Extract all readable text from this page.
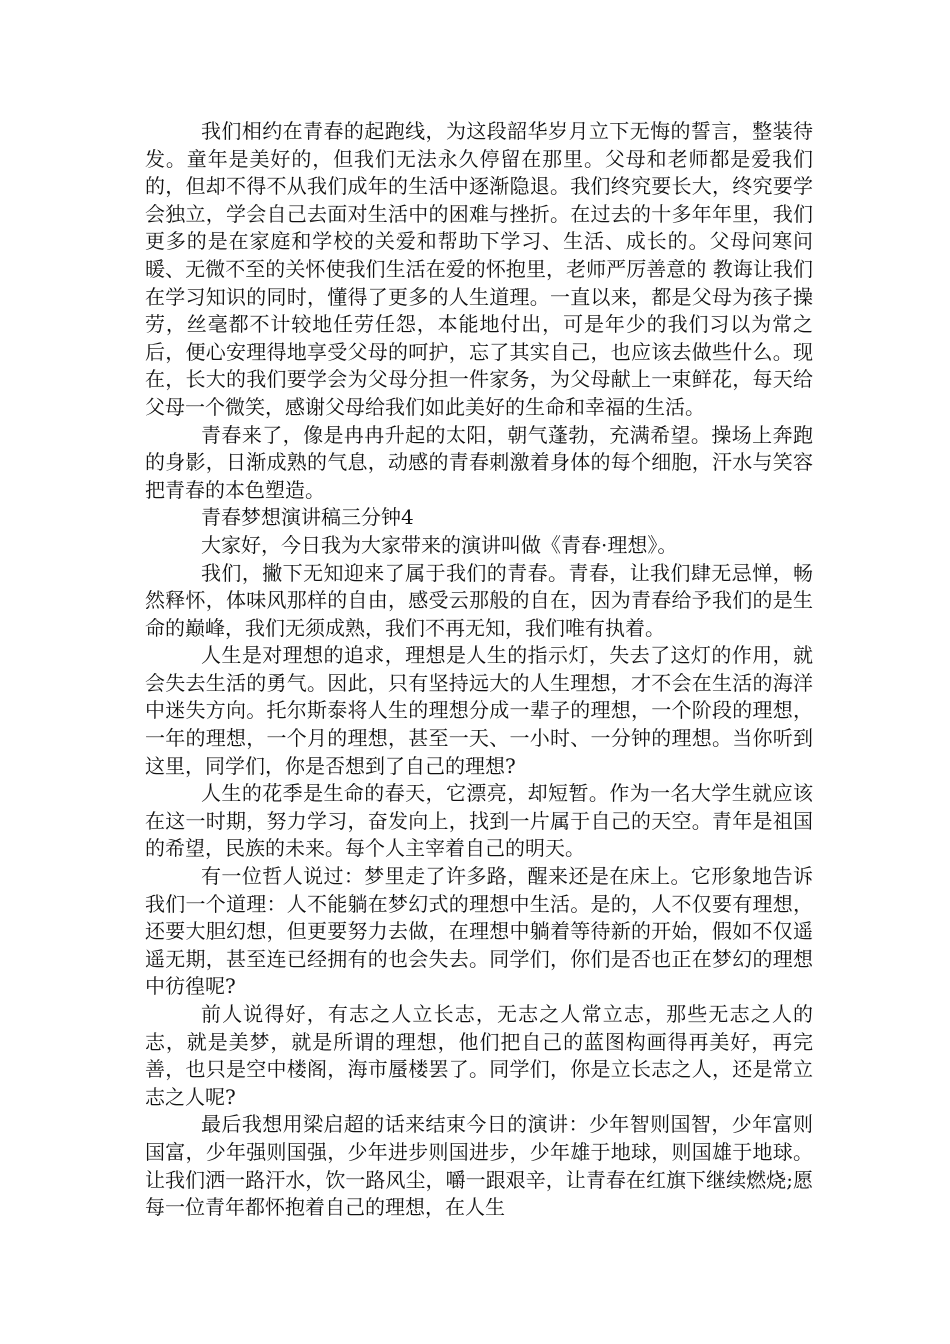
我们相约在青春的起跑线，为这段韶华岁月立下无悔的誓言，整装待发。童年是美好的，但我们无法永久停留在那里。父母和老师都是爱我们的，但却不得不从我们成年的生活中逐渐隐退。我们终究要长大，终究要学会独立，学会自己去面对生活中的困难与挫折。在过去的十多年年里，我们更多的是在家庭和学校的关爱和帮助下学习、生活、成长的。父母问寒问暖、无微不至的关怀使我们生活在爱的怀抱里，老师严厉善意的 教诲让我们在学习知识的同时，懂得了更多的人生道理。一直以来，都是父母为孩子操劳，丝毫都不计较地任劳任怨，本能地付出，可是年少的我们习以为常之后，便心安理得地享受父母的呵护，忘了其实自己，也应该去做些什么。现在，长大的我们要学会为父母分担一件家务，为父母献上一束鲜花，每天给父母一个微笑，感谢父母给我们如此美好的生命和幸福的生活。

青春来了，像是冉冉升起的太阳，朝气蓬勃，充满希望。操场上奔跑的身影，日渐成熟的气息，动感的青春刺激着身体的每个细胞，汗水与笑容把青春的本色塑造。

青春梦想演讲稿三分钟4

大家好，今日我为大家带来的演讲叫做《青春·理想》。

我们，撇下无知迎来了属于我们的青春。青春，让我们肆无忌惮，畅然释怀，体味风那样的自由，感受云那般的自在，因为青春给予我们的是生命的巅峰，我们无须成熟，我们不再无知，我们唯有执着。

人生是对理想的追求，理想是人生的指示灯，失去了这灯的作用，就会失去生活的勇气。因此，只有坚持远大的人生理想，才不会在生活的海洋中迷失方向。托尔斯泰将人生的理想分成一辈子的理想，一个阶段的理想，一年的理想，一个月的理想，甚至一天、一小时、一分钟的理想。当你听到这里，同学们，你是否想到了自己的理想?

人生的花季是生命的春天，它漂亮，却短暂。作为一名大学生就应该在这一时期，努力学习，奋发向上，找到一片属于自己的天空。青年是祖国的希望，民族的未来。每个人主宰着自己的明天。

有一位哲人说过：梦里走了许多路，醒来还是在床上。它形象地告诉我们一个道理：人不能躺在梦幻式的理想中生活。是的，人不仅要有理想，还要大胆幻想，但更要努力去做，在理想中躺着等待新的开始，假如不仅遥遥无期，甚至连已经拥有的也会失去。同学们，你们是否也正在梦幻的理想中彷徨呢?

前人说得好，有志之人立长志，无志之人常立志，那些无志之人的志，就是美梦，就是所谓的理想，他们把自己的蓝图构画得再美好，再完善，也只是空中楼阁，海市蜃楼罢了。同学们，你是立长志之人，还是常立志之人呢?

最后我想用梁启超的话来结束今日的演讲：少年智则国智，少年富则国富，少年强则国强，少年进步则国进步，少年雄于地球，则国雄于地球。让我们洒一路汗水，饮一路风尘，嚼一跟艰辛，让青春在红旗下继续燃烧;愿每一位青年都怀抱着自己的理想，在人生
